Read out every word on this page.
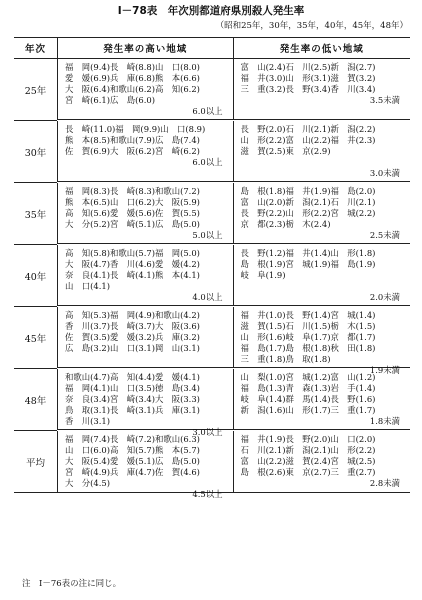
I－78表　年次別都道府県別殺人発生率
（昭和25年，30年，35年，40年，45年，48年）
年次	発生率の高い地域	発生率の低い地域
25年
福　岡(9.4)長　崎(8.8)山　口(8.0)
愛　媛(6.9)兵　庫(6.8)熊　本(6.6)
大　阪(6.4)和歌山(6.2)高　知(6.2)
宮　崎(6.1)広　島(6.0)
6.0以上
富　山(2.4)石　川(2.5)新　潟(2.7)
福　井(3.0)山　形(3.1)滋　賀(3.2)
三　重(3.2)長　野(3.4)香　川(3.4)
3.5未満
30年
長　崎(11.0)福　岡(9.9)山　口(8.9)
熊　本(8.5)和歌山(7.9)広　島(7.4)
佐　賀(6.9)大　阪(6.2)宮　崎(6.2)
6.0以上
長　野(2.0)石　川(2.1)新　潟(2.2)
山　形(2.2)富　山(2.2)福　井(2.3)
滋　賀(2.5)東　京(2.9)
3.0未満
35年
福　岡(8.3)長　崎(8.3)和歌山(7.2)
熊　本(6.5)山　口(6.2)大　阪(5.9)
高　知(5.6)愛　媛(5.6)佐　賀(5.5)
大　分(5.2)宮　崎(5.1)広　島(5.0)
5.0以上
島　根(1.8)福　井(1.9)福　島(2.0)
富　山(2.0)新　潟(2.1)石　川(2.1)
長　野(2.2)山　形(2.2)宮　城(2.2)
京　都(2.3)栃　木(2.4)
2.5未満
40年
高　知(5.8)和歌山(5.7)福　岡(5.0)
大　阪(4.7)香　川(4.6)愛　媛(4.2)
奈　良(4.1)長　崎(4.1)熊　本(4.1)
山　口(4.1)
4.0以上
長　野(1.2)福　井(1.4)山　形(1.8)
島　根(1.9)宮　城(1.9)福　島(1.9)
岐　阜(1.9)
2.0未満
45年
高　知(5.3)福　岡(4.9)和歌山(4.2)
香　川(3.7)長　崎(3.7)大　阪(3.6)
佐　賀(3.5)愛　媛(3.2)兵　庫(3.2)
広　島(3.2)山　口(3.1)岡　山(3.1)
福　井(1.0)長　野(1.4)宮　城(1.4)
滋　賀(1.5)石　川(1.5)栃　木(1.5)
山　形(1.6)岐　阜(1.7)京　都(1.7)
福　島(1.7)島　根(1.8)秋　田(1.8)
三　重(1.8)鳥　取(1.8)
1.9未満
48年
和歌山(4.7)高　知(4.4)愛　媛(4.1)
福　岡(4.1)山　口(3.5)徳　島(3.4)
奈　良(3.4)宮　崎(3.4)大　阪(3.3)
鳥　取(3.1)長　崎(3.1)兵　庫(3.1)
香　川(3.1)
3.0以上
山　梨(1.0)宮　城(1.2)富　山(1.2)
福　島(1.3)青　森(1.3)岩　手(1.4)
岐　阜(1.4)群　馬(1.4)長　野(1.6)
新　潟(1.6)山　形(1.7)三　重(1.7)
1.8未満
平均
福　岡(7.4)長　崎(7.2)和歌山(6.3)
山　口(6.0)高　知(5.7)熊　本(5.7)
大　阪(5.4)愛　媛(5.1)広　島(5.0)
宮　崎(4.9)兵　庫(4.7)佐　賀(4.6)
大　分(4.5)
4.5以上
福　井(1.9)長　野(2.0)山　口(2.0)
石　川(2.1)新　潟(2.1)山　形(2.2)
富　山(2.2)滋　賀(2.4)宮　城(2.5)
島　根(2.6)東　京(2.7)三　重(2.7)
2.8未満
注　I－76表の注に同じ。
